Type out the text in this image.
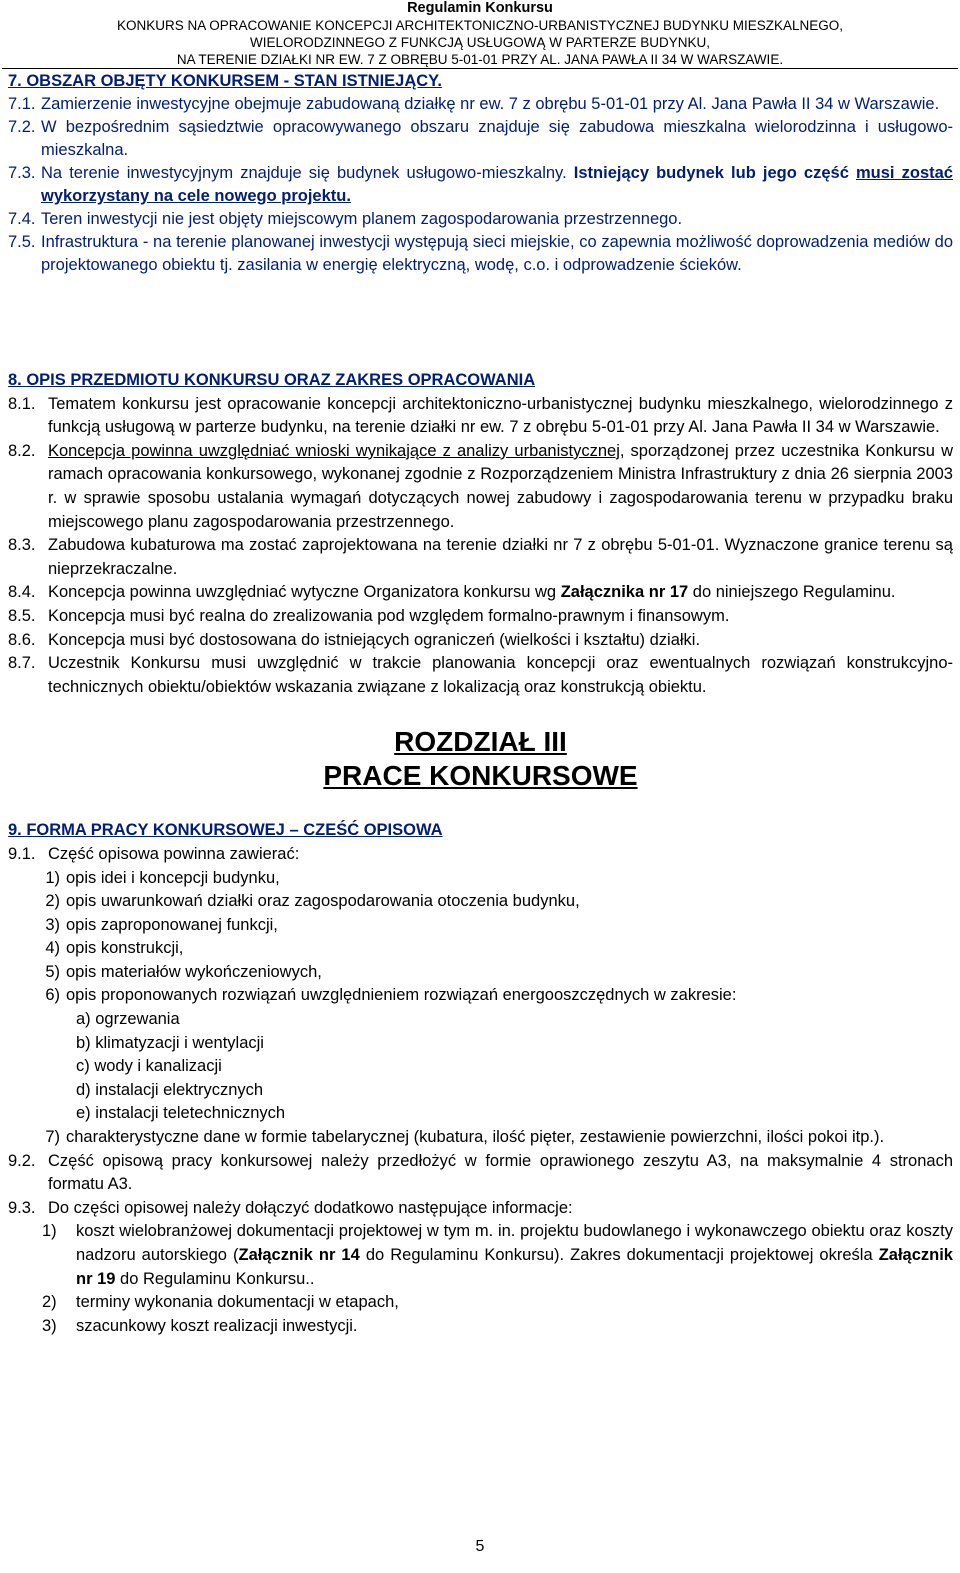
Regulamin Konkursu
KONKURS NA OPRACOWANIE KONCEPCJI ARCHITEKTONICZNO-URBANISTYCZNEJ BUDYNKU MIESZKALNEGO,
WIELORODZINNEGO Z FUNKCJĄ USŁUGOWĄ W PARTERZE BUDYNKU,
NA TERENIE DZIAŁKI NR EW. 7 Z OBRĘBU 5-01-01 PRZY AL. JANA PAWŁA II 34 W WARSZAWIE.
7. OBSZAR OBJĘTY KONKURSEM - STAN ISTNIEJĄCY.
7.1. Zamierzenie inwestycyjne obejmuje zabudowaną działkę nr ew. 7 z obrębu 5-01-01 przy Al. Jana Pawła II 34 w Warszawie.
7.2. W bezpośrednim sąsiedztwie opracowywanego obszaru znajduje się zabudowa mieszkalna wielorodzinna i usługowo-mieszkalna.
7.3. Na terenie inwestycyjnym znajduje się budynek usługowo-mieszkalny. Istniejący budynek lub jego część musi zostać wykorzystany na cele nowego projektu.
7.4. Teren inwestycji nie jest objęty miejscowym planem zagospodarowania przestrzennego.
7.5. Infrastruktura - na terenie planowanej inwestycji występują sieci miejskie, co zapewnia możliwość doprowadzenia mediów do projektowanego obiektu tj. zasilania w energię elektryczną, wodę, c.o. i odprowadzenie ścieków.
8. OPIS PRZEDMIOTU KONKURSU ORAZ ZAKRES OPRACOWANIA
8.1. Tematem konkursu jest opracowanie koncepcji architektoniczno-urbanistycznej budynku mieszkalnego, wielorodzinnego z funkcją usługową w parterze budynku, na terenie działki nr ew. 7 z obrębu 5-01-01 przy Al. Jana Pawła II 34 w Warszawie.
8.2. Koncepcja powinna uwzględniać wnioski wynikające z analizy urbanistycznej, sporządzonej przez uczestnika Konkursu w ramach opracowania konkursowego, wykonanej zgodnie z Rozporządzeniem Ministra Infrastruktury z dnia 26 sierpnia 2003 r. w sprawie sposobu ustalania wymagań dotyczących nowej zabudowy i zagospodarowania terenu w przypadku braku miejscowego planu zagospodarowania przestrzennego.
8.3. Zabudowa kubaturowa ma zostać zaprojektowana na terenie działki nr 7 z obrębu 5-01-01. Wyznaczone granice terenu są nieprzekraczalne.
8.4. Koncepcja powinna uwzględniać wytyczne Organizatora konkursu wg Załącznika nr 17 do niniejszego Regulaminu.
8.5. Koncepcja musi być realna do zrealizowania pod względem formalno-prawnym i finansowym.
8.6. Koncepcja musi być dostosowana do istniejących ograniczeń (wielkości i kształtu) działki.
8.7. Uczestnik Konkursu musi uwzględnić w trakcie planowania koncepcji oraz ewentualnych rozwiązań konstrukcyjno-technicznych obiektu/obiektów wskazania związane z lokalizacją oraz konstrukcją obiektu.
ROZDZIAŁ III
PRACE KONKURSOWE
9. FORMA PRACY KONKURSOWEJ – CZEŚĆ OPISOWA
9.1. Część opisowa powinna zawierać:
1) opis idei i koncepcji budynku,
2) opis uwarunkowań działki oraz zagospodarowania otoczenia budynku,
3) opis zaproponowanej funkcji,
4) opis konstrukcji,
5) opis materiałów wykończeniowych,
6) opis proponowanych rozwiązań uwzględnieniem rozwiązań energooszczędnych w zakresie:
a) ogrzewania
b) klimatyzacji i wentylacji
c) wody i kanalizacji
d) instalacji elektrycznych
e) instalacji teletechnicznych
7) charakterystyczne dane w formie tabelarycznej (kubatura, ilość pięter, zestawienie powierzchni, ilości pokoi itp.).
9.2. Część opisową pracy konkursowej należy przedłożyć w formie oprawionego zeszytu A3, na maksymalnie 4 stronach formatu A3.
9.3. Do części opisowej należy dołączyć dodatkowo następujące informacje:
1)	koszt wielobranżowej dokumentacji projektowej w tym m. in. projektu budowlanego i wykonawczego obiektu oraz koszty nadzoru autorskiego (Załącznik nr 14 do Regulaminu Konkursu). Zakres dokumentacji projektowej określa Załącznik nr 19 do Regulaminu Konkursu..
2)	terminy wykonania dokumentacji w etapach,
3)	szacunkowy koszt realizacji inwestycji.
5
